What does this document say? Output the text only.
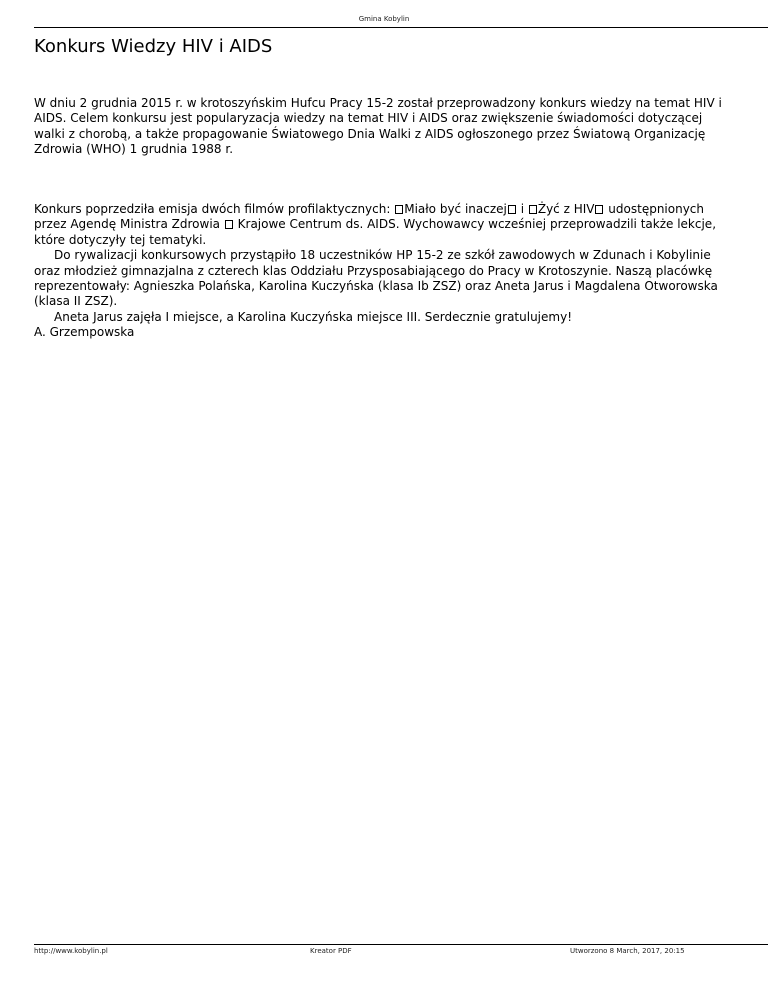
Gmina Kobylin
Konkurs Wiedzy HIV i AIDS

W dniu 2 grudnia 2015 r. w krotoszyńskim Hufcu Pracy 15-2 został przeprowadzony konkurs wiedzy na temat HIV i AIDS. Celem konkursu jest popularyzacja wiedzy na temat HIV i AIDS oraz zwiększenie świadomości dotyczącej walki z chorobą, a także propagowanie Światowego Dnia Walki z AIDS ogłoszonego przez Światową Organizację Zdrowia (WHO) 1 grudnia 1988 r.

Konkurs poprzedziła emisja dwóch filmów profilaktycznych: Miało być inaczej i Żyć z HIV udostępnionych przez Agendę Ministra Zdrowia  Krajowe Centrum ds. AIDS. Wychowawcy wcześniej przeprowadzili także lekcje, które dotyczyły tej tematyki.

Do rywalizacji konkursowych przystąpiło 18 uczestników HP 15-2 ze szkół zawodowych w Zdunach i Kobylinie oraz młodzież gimnazjalna z czterech klas Oddziału Przysposabiającego do Pracy w Krotoszynie. Naszą placówkę reprezentowały: Agnieszka Polańska, Karolina Kuczyńska (klasa Ib ZSZ) oraz Aneta Jarus i Magdalena Otworowska (klasa II ZSZ).

Aneta Jarus zajęła I miejsce, a Karolina Kuczyńska miejsce III. Serdecznie gratulujemy!

A. Grzempowska

http://www.kobylin.pl	Kreator PDF	Utworzono 8 March, 2017, 20:15
